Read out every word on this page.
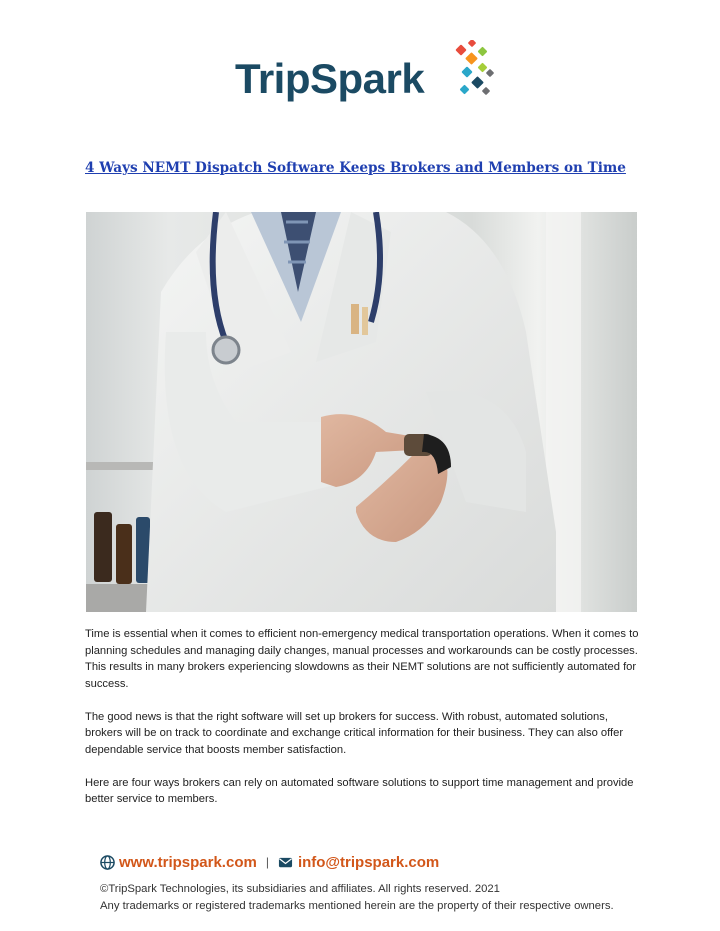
TripSpark
4 Ways NEMT Dispatch Software Keeps Brokers and Members on Time

Time is essential when it comes to efficient non-emergency medical transportation operations. When it comes to planning schedules and managing daily changes, manual processes and workarounds can be costly processes. This results in many brokers experiencing slowdowns as their NEMT solutions are not sufficiently automated for success.

The good news is that the right software will set up brokers for success. With robust, automated solutions, brokers will be on track to coordinate and exchange critical information for their business. They can also offer dependable service that boosts member satisfaction.

Here are four ways brokers can rely on automated software solutions to support time management and provide better service to members.

www.tripspark.com | info@tripspark.com
©TripSpark Technologies, its subsidiaries and affiliates. All rights reserved. 2021
Any trademarks or registered trademarks mentioned herein are the property of their respective owners.
